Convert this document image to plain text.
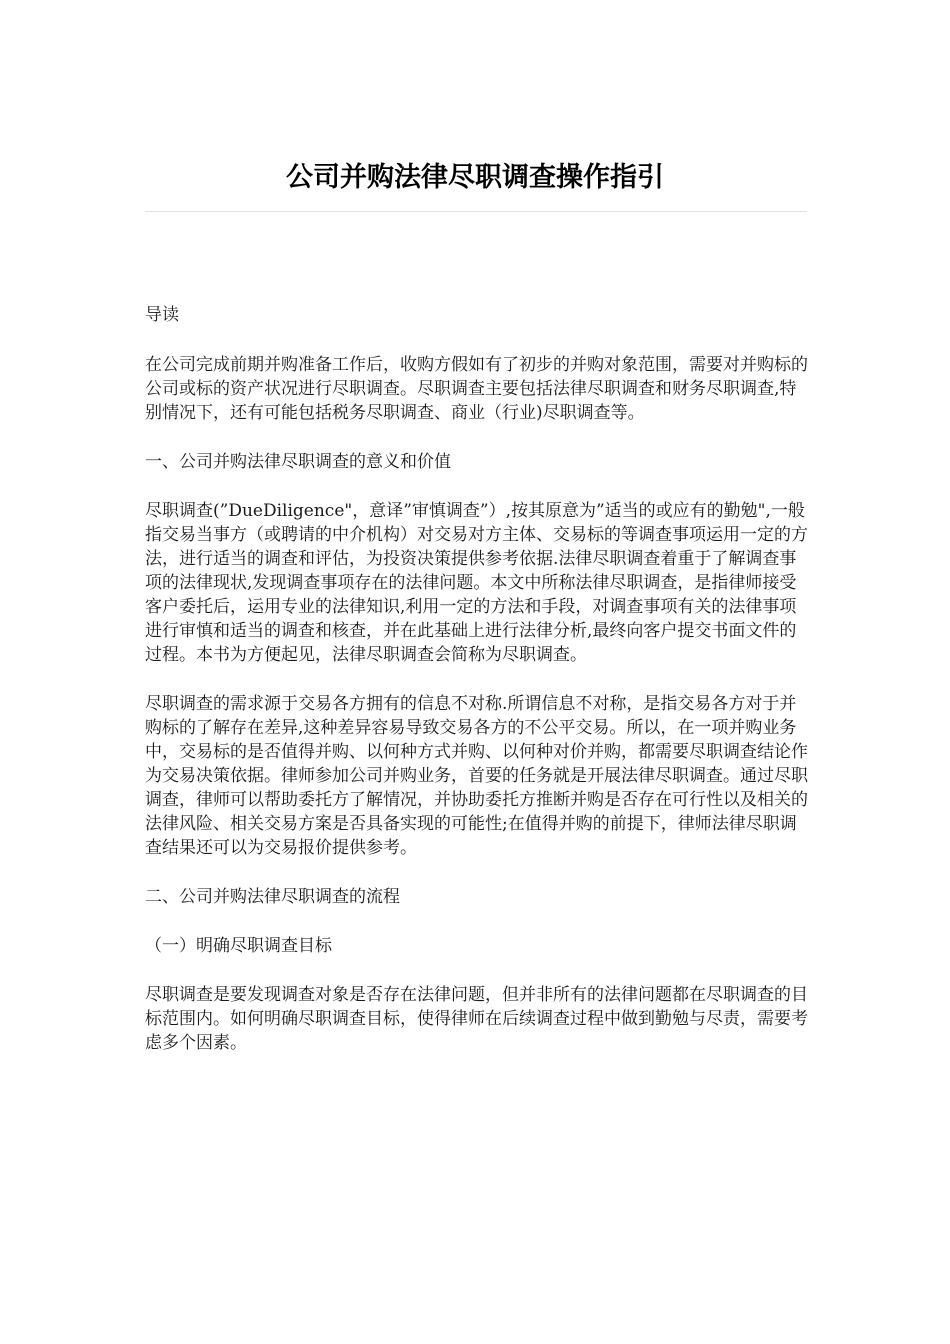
公司并购法律尽职调查操作指引

导读

在公司完成前期并购准备工作后，收购方假如有了初步的并购对象范围，需要对并购标的公司或标的资产状况进行尽职调查。尽职调查主要包括法律尽职调查和财务尽职调查,特别情况下，还有可能包括税务尽职调查、商业（行业)尽职调查等。

一、公司并购法律尽职调查的意义和价值

尽职调查(”DueDiligence"，意译”审慎调查”）,按其原意为”适当的或应有的勤勉",一般指交易当事方（或聘请的中介机构）对交易对方主体、交易标的等调查事项运用一定的方法，进行适当的调查和评估，为投资决策提供参考依据.法律尽职调查着重于了解调查事项的法律现状,发现调查事项存在的法律问题。本文中所称法律尽职调查，是指律师接受客户委托后，运用专业的法律知识,利用一定的方法和手段，对调查事项有关的法律事项进行审慎和适当的调查和核查，并在此基础上进行法律分析,最终向客户提交书面文件的过程。本书为方便起见，法律尽职调查会简称为尽职调查。

尽职调查的需求源于交易各方拥有的信息不对称.所谓信息不对称，是指交易各方对于并购标的了解存在差异,这种差异容易导致交易各方的不公平交易。所以，在一项并购业务中，交易标的是否值得并购、以何种方式并购、以何种对价并购，都需要尽职调查结论作为交易决策依据。律师参加公司并购业务，首要的任务就是开展法律尽职调查。通过尽职调查，律师可以帮助委托方了解情况，并协助委托方推断并购是否存在可行性以及相关的法律风险、相关交易方案是否具备实现的可能性;在值得并购的前提下，律师法律尽职调查结果还可以为交易报价提供参考。

二、公司并购法律尽职调查的流程

（一）明确尽职调查目标

尽职调查是要发现调查对象是否存在法律问题，但并非所有的法律问题都在尽职调查的目标范围内。如何明确尽职调查目标，使得律师在后续调查过程中做到勤勉与尽责，需要考虑多个因素。
